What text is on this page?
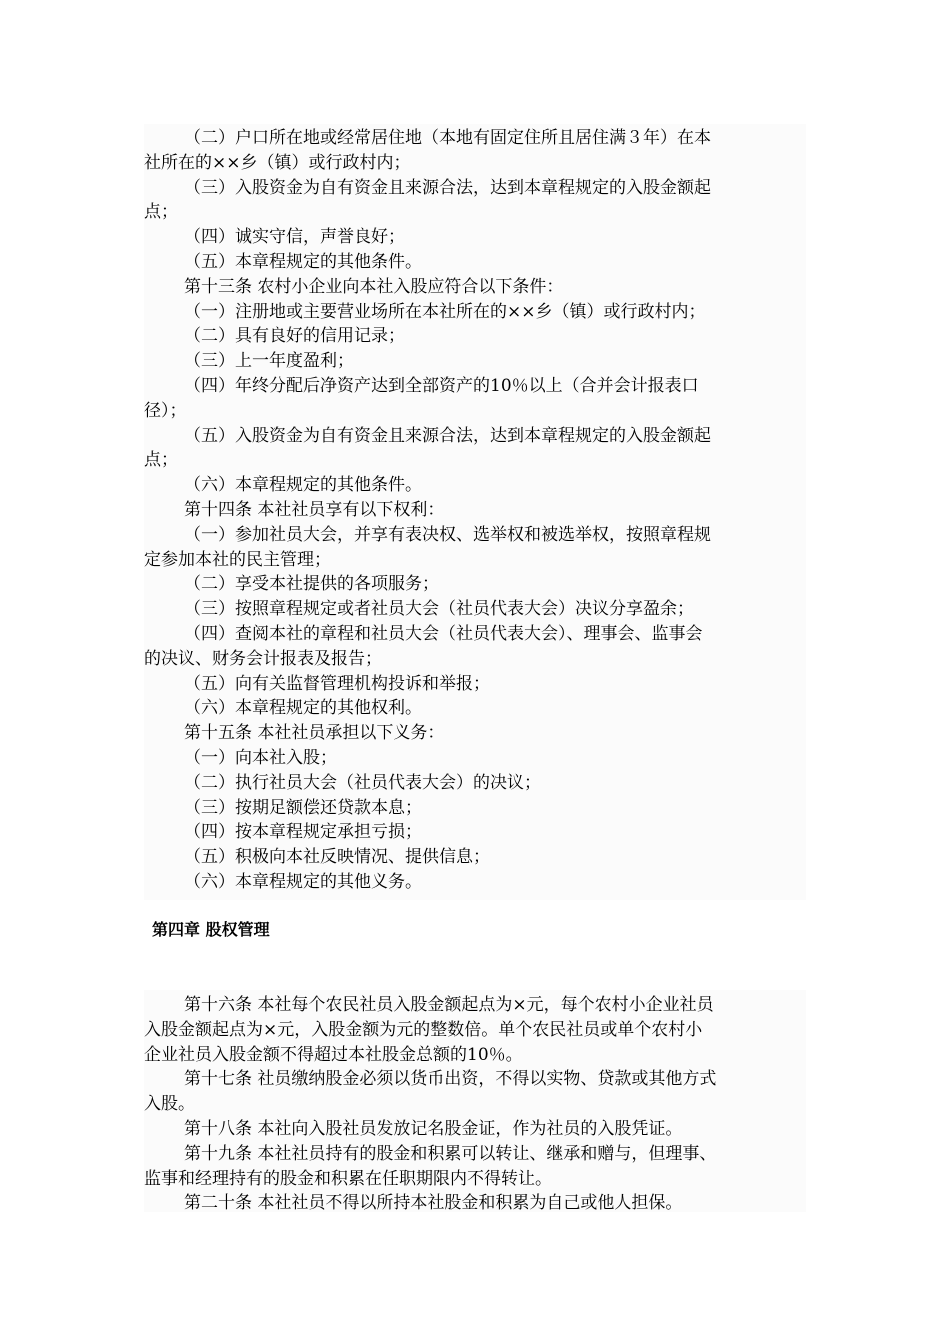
（二）户口所在地或经常居住地（本地有固定住所且居住满３年）在本
社所在的××乡（镇）或行政村内；
（三）入股资金为自有资金且来源合法，达到本章程规定的入股金额起
点；
（四）诚实守信，声誉良好；
（五）本章程规定的其他条件。
第十三条 农村小企业向本社入股应符合以下条件：
（一）注册地或主要营业场所在本社所在的××乡（镇）或行政村内；
（二）具有良好的信用记录；
（三）上一年度盈利；
（四）年终分配后净资产达到全部资产的10％以上（合并会计报表口
径）；
（五）入股资金为自有资金且来源合法，达到本章程规定的入股金额起
点；
（六）本章程规定的其他条件。
第十四条 本社社员享有以下权利：
（一）参加社员大会，并享有表决权、选举权和被选举权，按照章程规
定参加本社的民主管理；
（二）享受本社提供的各项服务；
（三）按照章程规定或者社员大会（社员代表大会）决议分享盈余；
（四）查阅本社的章程和社员大会（社员代表大会）、理事会、监事会
的决议、财务会计报表及报告；
（五）向有关监督管理机构投诉和举报；
（六）本章程规定的其他权利。
第十五条 本社社员承担以下义务：
（一）向本社入股；
（二）执行社员大会（社员代表大会）的决议；
（三）按期足额偿还贷款本息；
（四）按本章程规定承担亏损；
（五）积极向本社反映情况、提供信息；
（六）本章程规定的其他义务。
第四章 股权管理
第十六条 本社每个农民社员入股金额起点为×元，每个农村小企业社员
入股金额起点为×元，入股金额为元的整数倍。单个农民社员或单个农村小
企业社员入股金额不得超过本社股金总额的10％。
第十七条 社员缴纳股金必须以货币出资，不得以实物、贷款或其他方式
入股。
第十八条 本社向入股社员发放记名股金证，作为社员的入股凭证。
第十九条 本社社员持有的股金和积累可以转让、继承和赠与，但理事、
监事和经理持有的股金和积累在任职期限内不得转让。
第二十条 本社社员不得以所持本社股金和积累为自己或他人担保。
